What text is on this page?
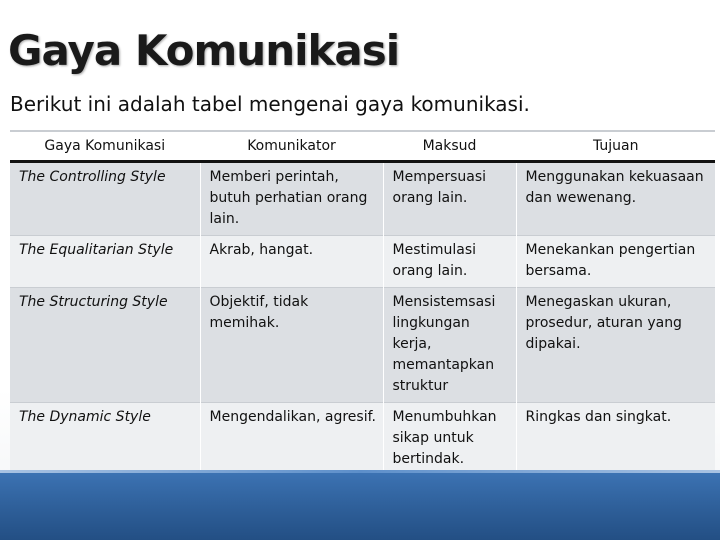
Gaya Komunikasi
Berikut ini adalah tabel mengenai gaya komunikasi.
Gaya Komunikasi	Komunikator	Maksud	Tujuan
The Controlling Style	Memberi perintah, butuh perhatian orang lain.	Mempersuasi orang lain.	Menggunakan kekuasaan dan wewenang.
The Equalitarian Style	Akrab, hangat.	Mestimulasi orang lain.	Menekankan pengertian bersama.
The Structuring Style	Objektif, tidak memihak.	Mensistemsasi lingkungan kerja, memantapkan struktur	Menegaskan ukuran, prosedur, aturan yang dipakai.
The Dynamic Style	Mengendalikan, agresif.	Menumbuhkan sikap untuk bertindak.	Ringkas dan singkat.
